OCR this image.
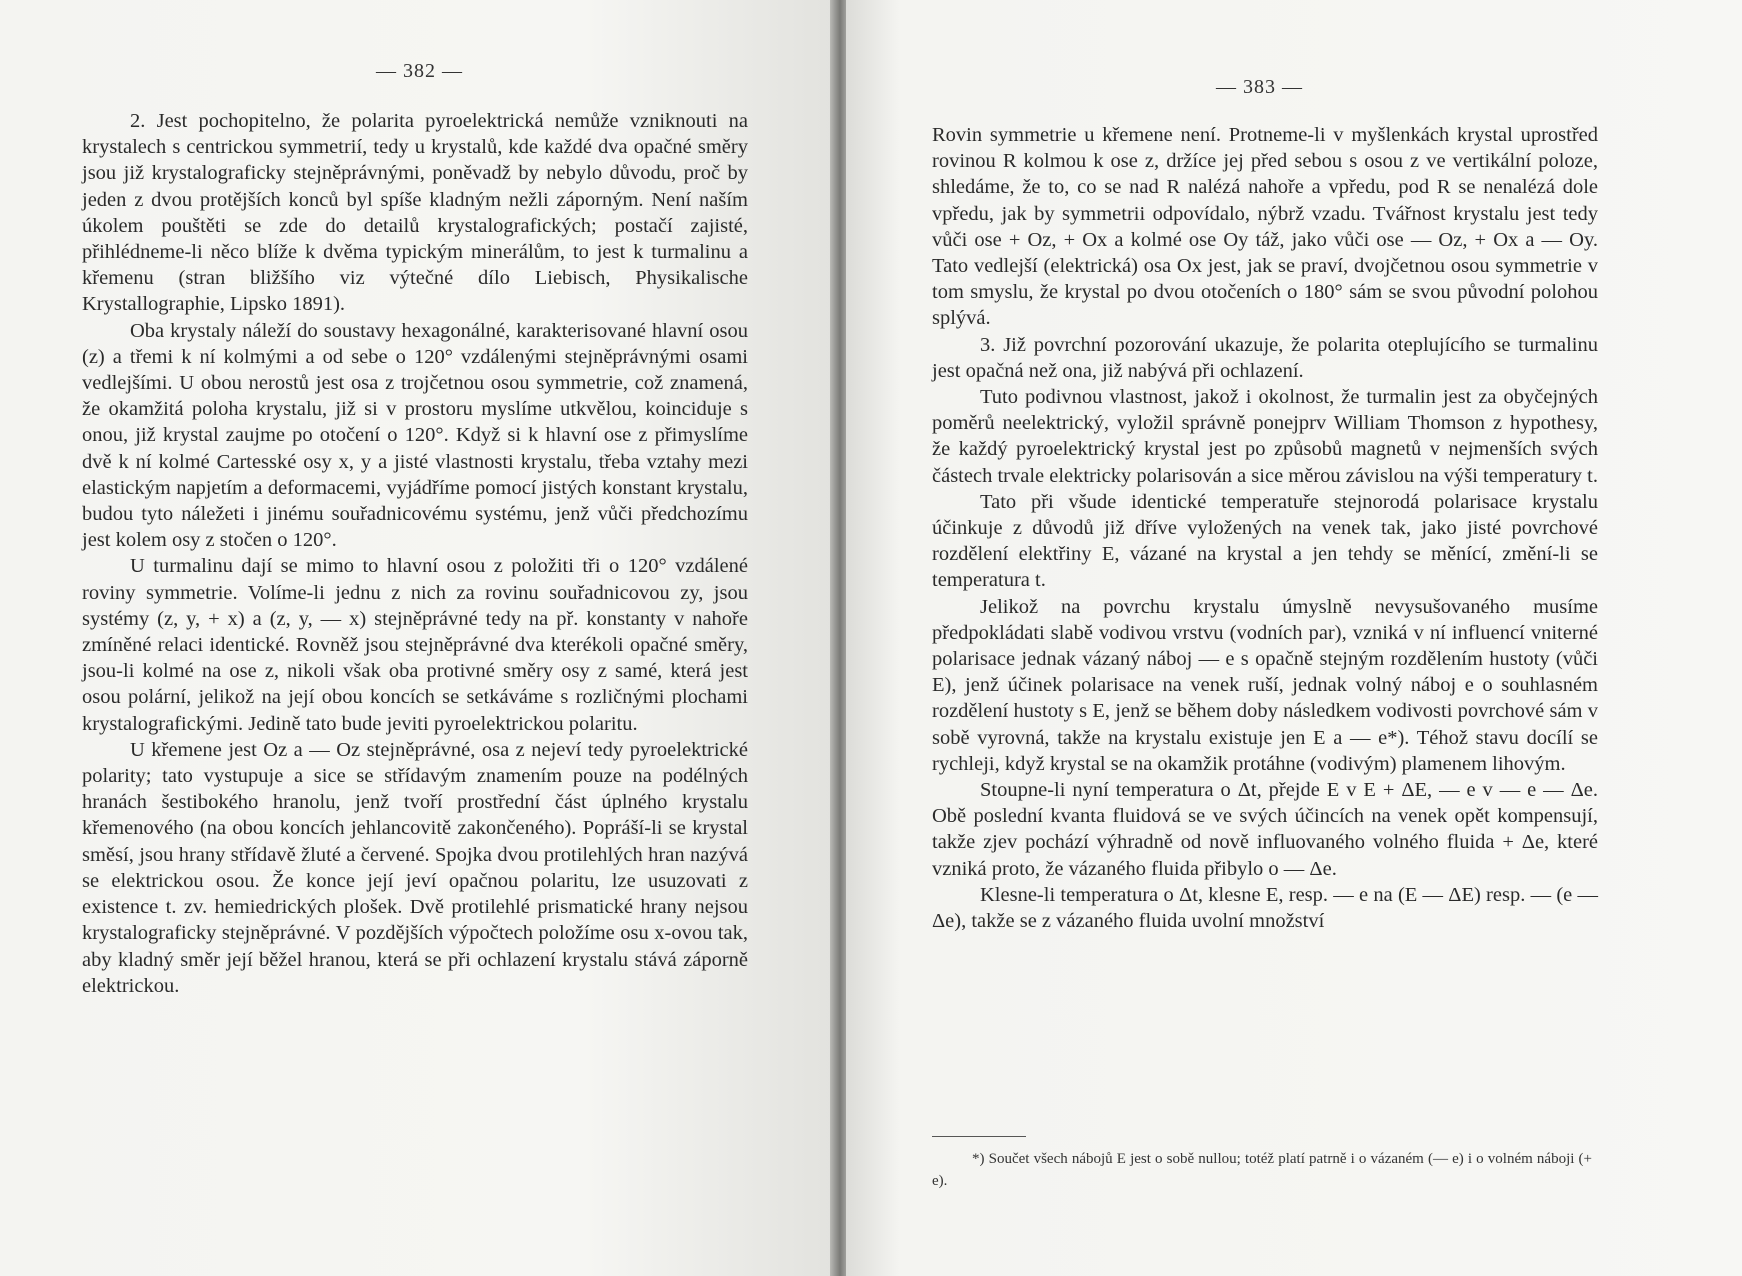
— 382 —

2. Jest pochopitelno, že polarita pyroelektrická nemůže vzniknouti na krystalech s centrickou symmetrií, tedy u krystalů, kde každé dva opačné směry jsou již krystalograficky stejněprávnými, poněvadž by nebylo důvodu, proč by jeden z dvou protějších konců byl spíše kladným nežli záporným. Není naším úkolem pouštěti se zde do detailů krystalografických; postačí zajisté, přihlédneme-li něco blíže k dvěma typickým minerálům, to jest k turmalinu a křemenu (stran bližšího viz výtečné dílo Liebisch, Physikalische Krystallographie, Lipsko 1891).

Oba krystaly náleží do soustavy hexagonálné, karakterisované hlavní osou (z) a třemi k ní kolmými a od sebe o 120° vzdálenými stejněprávnými osami vedlejšími. U obou nerostů jest osa z trojčetnou osou symmetrie, což znamená, že okamžitá poloha krystalu, již si v prostoru myslíme utkvělou, koinciduje s onou, již krystal zaujme po otočení o 120°. Když si k hlavní ose z přimyslíme dvě k ní kolmé Cartesské osy x, y a jisté vlastnosti krystalu, třeba vztahy mezi elastickým napjetím a deformacemi, vyjádříme pomocí jistých konstant krystalu, budou tyto náležeti i jinému souřadnicovému systému, jenž vůči předchozímu jest kolem osy z stočen o 120°.

U turmalinu dají se mimo to hlavní osou z položiti tři o 120° vzdálené roviny symmetrie. Volíme-li jednu z nich za rovinu souřadnicovou zy, jsou systémy (z, y, + x) a (z, y, — x) stejněprávné tedy na př. konstanty v nahoře zmíněné relaci identické. Rovněž jsou stejněprávné dva kterékoli opačné směry, jsou-li kolmé na ose z, nikoli však oba protivné směry osy z samé, která jest osou polární, jelikož na její obou koncích se setkáváme s rozličnými plochami krystalografickými. Jedině tato bude jeviti pyroelektrickou polaritu.

U křemene jest Oz a — Oz stejněprávné, osa z nejeví tedy pyroelektrické polarity; tato vystupuje a sice se střídavým znamením pouze na podélných hranách šestibokého hranolu, jenž tvoří prostřední část úplného krystalu křemenového (na obou koncích jehlancovitě zakončeného). Popráší-li se krystal směsí, jsou hrany střídavě žluté a červené. Spojka dvou protilehlých hran nazývá se elektrickou osou. Že konce její jeví opačnou polaritu, lze usuzovati z existence t. zv. hemiedrických plošek. Dvě protilehlé prismatické hrany nejsou krystalograficky stejněprávné. V pozdějších výpočtech položíme osu x-ovou tak, aby kladný směr její běžel hranou, která se při ochlazení krystalu stává záporně elektrickou.

— 383 —

Rovin symmetrie u křemene není. Protneme-li v myšlenkách krystal uprostřed rovinou R kolmou k ose z, držíce jej před sebou s osou z ve vertikální poloze, shledáme, že to, co se nad R nalézá nahoře a vpředu, pod R se nenalézá dole vpředu, jak by symmetrii odpovídalo, nýbrž vzadu. Tvářnost krystalu jest tedy vůči ose + Oz, + Ox a kolmé ose Oy táž, jako vůči ose — Oz, + Ox a — Oy. Tato vedlejší (elektrická) osa Ox jest, jak se praví, dvojčetnou osou symmetrie v tom smyslu, že krystal po dvou otočeních o 180° sám se svou původní polohou splývá.

3. Již povrchní pozorování ukazuje, že polarita oteplujícího se turmalinu jest opačná než ona, již nabývá při ochlazení.

Tuto podivnou vlastnost, jakož i okolnost, že turmalin jest za obyčejných poměrů neelektrický, vyložil správně ponejprv William Thomson z hypothesy, že každý pyroelektrický krystal jest po způsobů magnetů v nejmenších svých částech trvale elektricky polarisován a sice měrou závislou na výši temperatury t.

Tato při všude identické temperatuře stejnorodá polarisace krystalu účinkuje z důvodů již dříve vyložených na venek tak, jako jisté povrchové rozdělení elektřiny E, vázané na krystal a jen tehdy se měnící, změní-li se temperatura t.

Jelikož na povrchu krystalu úmyslně nevysušovaného musíme předpokládati slabě vodivou vrstvu (vodních par), vzniká v ní influencí vniterné polarisace jednak vázaný náboj — e s opačně stejným rozdělením hustoty (vůči E), jenž účinek polarisace na venek ruší, jednak volný náboj e o souhlasném rozdělení hustoty s E, jenž se během doby následkem vodivosti povrchové sám v sobě vyrovná, takže na krystalu existuje jen E a — e*). Téhož stavu docílí se rychleji, když krystal se na okamžik protáhne (vodivým) plamenem lihovým.

Stoupne-li nyní temperatura o Δt, přejde E v E + ΔE, — e v — e — Δe. Obě poslední kvanta fluidová se ve svých účincích na venek opět kompensují, takže zjev pochází výhradně od nově influovaného volného fluida + Δe, které vzniká proto, že vázaného fluida přibylo o — Δe.

Klesne-li temperatura o Δt, klesne E, resp. — e na (E — ΔE) resp. — (e — Δe), takže se z vázaného fluida uvolní množství

*) Součet všech nábojů E jest o sobě nullou; totéž platí patrně i o vázaném (— e) i o volném náboji (+ e).
